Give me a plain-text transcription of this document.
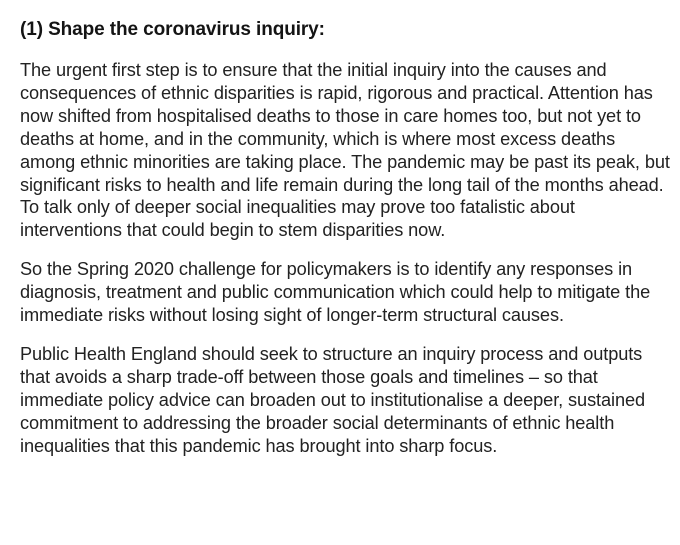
(1) Shape the coronavirus inquiry:

The urgent first step is to ensure that the initial inquiry into the causes and consequences of ethnic disparities is rapid, rigorous and practical. Attention has now shifted from hospitalised deaths to those in care homes too, but not yet to deaths at home, and in the community, which is where most excess deaths among ethnic minorities are taking place. The pandemic may be past its peak, but significant risks to health and life remain during the long tail of the months ahead. To talk only of deeper social inequalities may prove too fatalistic about interventions that could begin to stem disparities now.

So the Spring 2020 challenge for policymakers is to identify any responses in diagnosis, treatment and public communication which could help to mitigate the immediate risks without losing sight of longer-term structural causes.

Public Health England should seek to structure an inquiry process and outputs that avoids a sharp trade-off between those goals and timelines – so that immediate policy advice can broaden out to institutionalise a deeper, sustained commitment to addressing the broader social determinants of ethnic health inequalities that this pandemic has brought into sharp focus.
